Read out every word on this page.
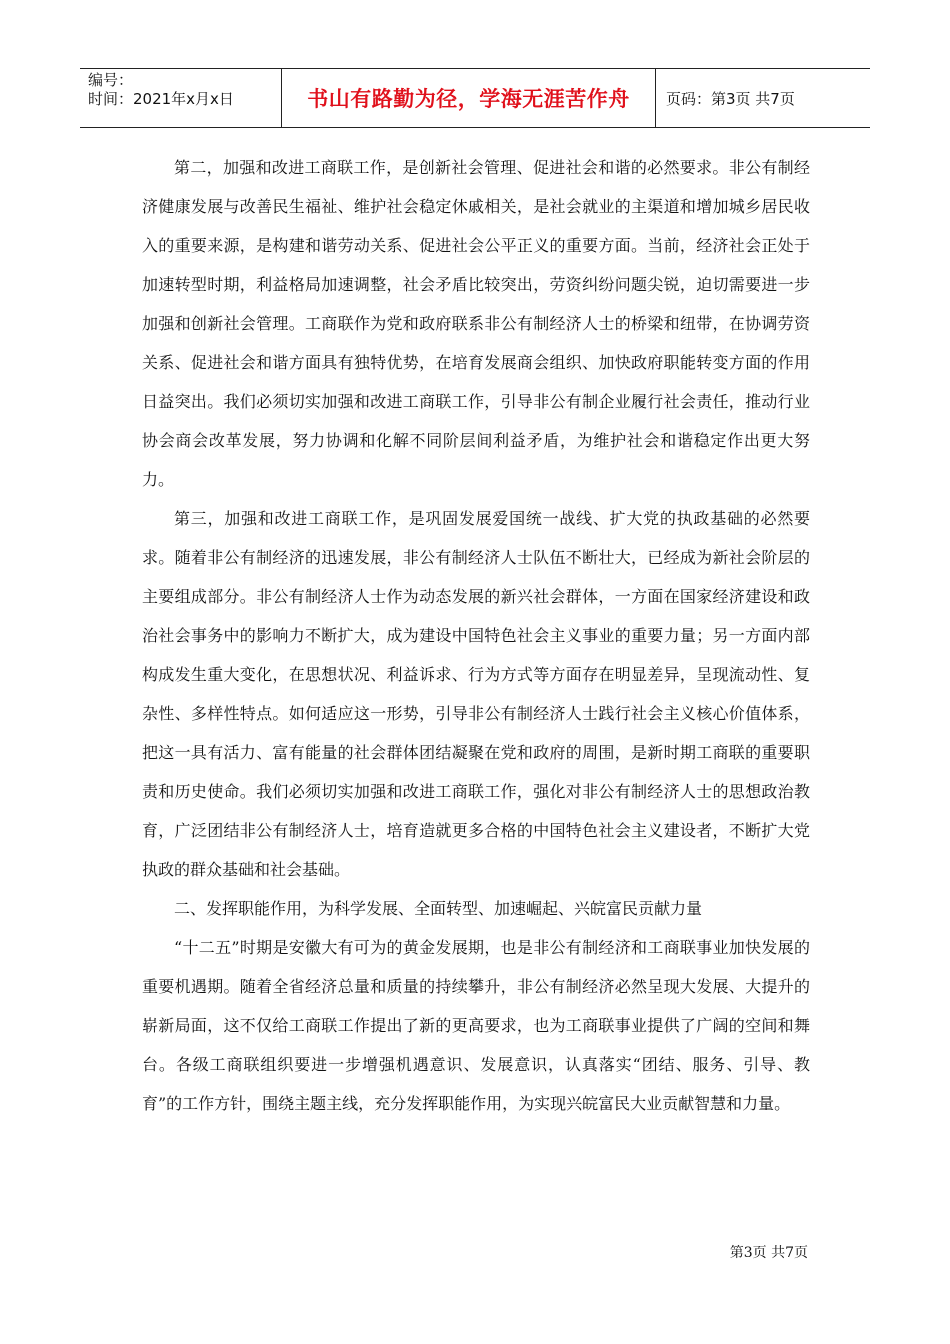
编号：
时间：2021年x月x日	书山有路勤为径，学海无涯苦作舟	页码：第3页 共7页

第二，加强和改进工商联工作，是创新社会管理、促进社会和谐的必然要求。非公有制经济健康发展与改善民生福祉、维护社会稳定休戚相关，是社会就业的主渠道和增加城乡居民收入的重要来源，是构建和谐劳动关系、促进社会公平正义的重要方面。当前，经济社会正处于加速转型时期，利益格局加速调整，社会矛盾比较突出，劳资纠纷问题尖锐，迫切需要进一步加强和创新社会管理。工商联作为党和政府联系非公有制经济人士的桥梁和纽带，在协调劳资关系、促进社会和谐方面具有独特优势，在培育发展商会组织、加快政府职能转变方面的作用日益突出。我们必须切实加强和改进工商联工作，引导非公有制企业履行社会责任，推动行业协会商会改革发展，努力协调和化解不同阶层间利益矛盾，为维护社会和谐稳定作出更大努力。

第三，加强和改进工商联工作，是巩固发展爱国统一战线、扩大党的执政基础的必然要求。随着非公有制经济的迅速发展，非公有制经济人士队伍不断壮大，已经成为新社会阶层的主要组成部分。非公有制经济人士作为动态发展的新兴社会群体，一方面在国家经济建设和政治社会事务中的影响力不断扩大，成为建设中国特色社会主义事业的重要力量；另一方面内部构成发生重大变化，在思想状况、利益诉求、行为方式等方面存在明显差异，呈现流动性、复杂性、多样性特点。如何适应这一形势，引导非公有制经济人士践行社会主义核心价值体系，把这一具有活力、富有能量的社会群体团结凝聚在党和政府的周围，是新时期工商联的重要职责和历史使命。我们必须切实加强和改进工商联工作，强化对非公有制经济人士的思想政治教育，广泛团结非公有制经济人士，培育造就更多合格的中国特色社会主义建设者，不断扩大党执政的群众基础和社会基础。

二、发挥职能作用，为科学发展、全面转型、加速崛起、兴皖富民贡献力量

“十二五”时期是安徽大有可为的黄金发展期，也是非公有制经济和工商联事业加快发展的重要机遇期。随着全省经济总量和质量的持续攀升，非公有制经济必然呈现大发展、大提升的崭新局面，这不仅给工商联工作提出了新的更高要求，也为工商联事业提供了广阔的空间和舞台。各级工商联组织要进一步增强机遇意识、发展意识，认真落实“团结、服务、引导、教育”的工作方针，围绕主题主线，充分发挥职能作用，为实现兴皖富民大业贡献智慧和力量。

第3页 共7页
